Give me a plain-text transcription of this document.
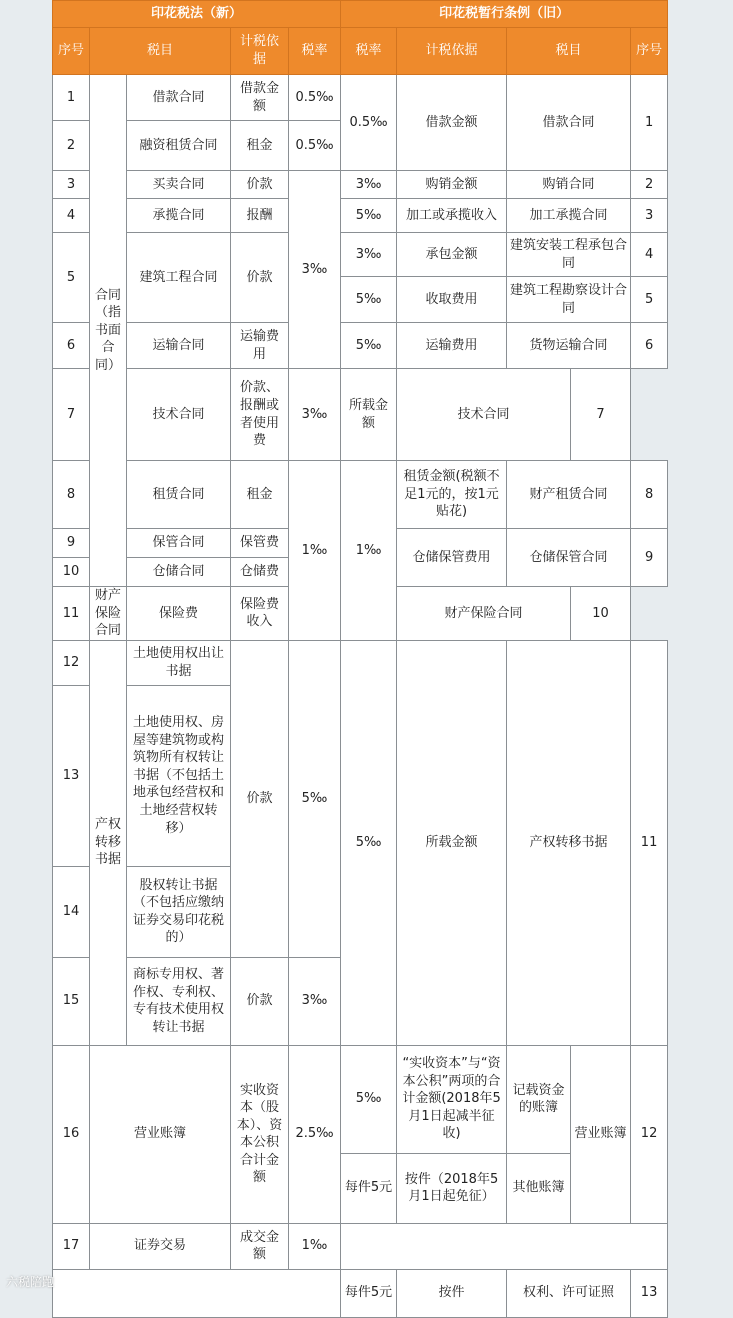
印花税法（新）					印花税暂行条例（旧）				
序号	税目		计税依据	税率	税率	计税依据	税目		序号
1	合同（指书面合同）	借款合同	借款金额	0.5‰	0.5‰	借款金额	借款合同		1
2		融资租赁合同	租金	0.5‰					
3		买卖合同	价款	3‰	3‰	购销金额	购销合同		2
4		承揽合同	报酬		5‰	加工或承揽收入	加工承揽合同		3
5		建筑工程合同	价款		3‰	承包金额	建筑安装工程承包合同		4
					5‰	收取费用	建筑工程勘察设计合同		5
6		运输合同	运输费用		5‰	运输费用	货物运输合同		6
7		技术合同	价款、报酬或者使用费	3‰	所载金额	技术合同		7	
8		租赁合同	租金	1‰	1‰	租赁金额(税额不足1元的，按1元贴花)	财产租赁合同		8
9		保管合同	保管费			仓储保管费用	仓储保管合同		9
10		仓储合同	仓储费						
11	财产保险合同	保险费	保险费收入			财产保险合同		10	
12	产权转移书据	土地使用权出让书据	价款	5‰	5‰	所载金额	产权转移书据		11
13		土地使用权、房屋等建筑物或构筑物所有权转让书据（不包括土地承包经营权和土地经营权转移）							
14		股权转让书据（不包括应缴纳证券交易印花税的）							
15		商标专用权、著作权、专利权、专有技术使用权转让书据	价款	3‰					
16	营业账簿		实收资本（股本）、资本公积合计金额	2.5‰	5‰	“实收资本”与“资本公积”两项的合计金额(2018年5月1日起减半征收)	记载资金的账簿	营业账簿	12
					每件5元	按件（2018年5月1日起免征）	其他账簿		
17	证券交易		成交金额	1‰					
					每件5元	按件	权利、许可证照		13
六税陪跑
